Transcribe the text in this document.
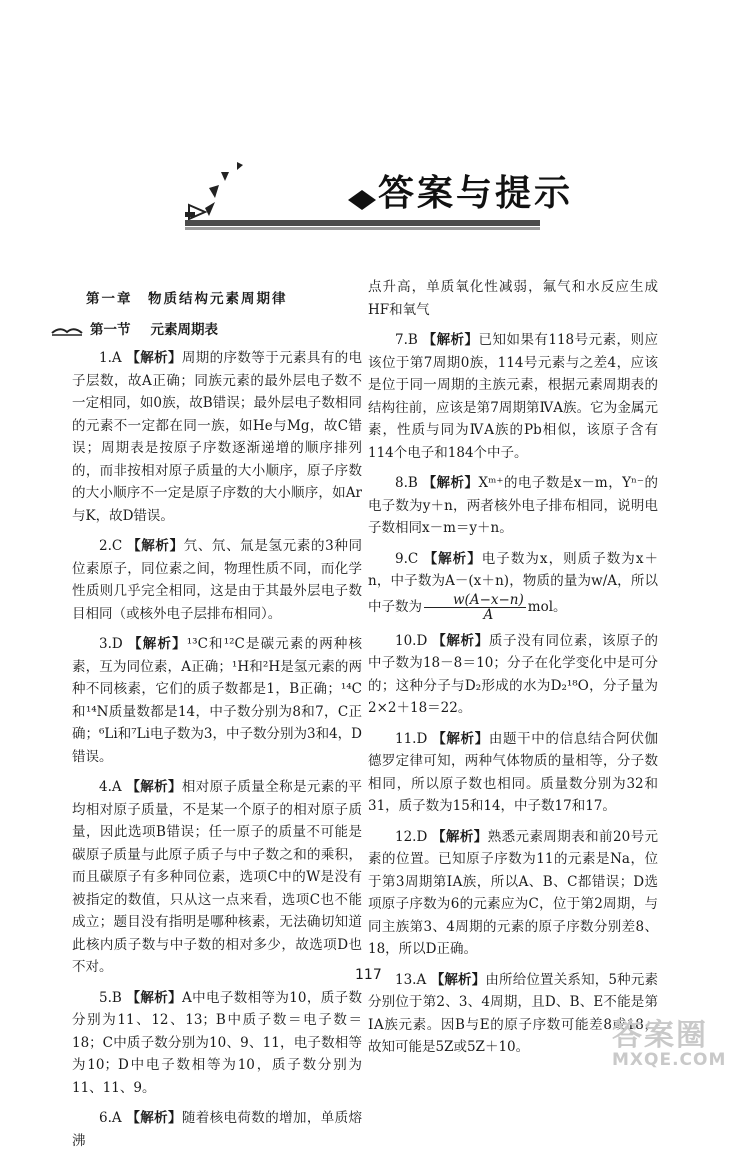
答案与提示
第一章　物质结构元素周期律
第一节 元素周期表

1.A 【解析】周期的序数等于元素具有的电子层数，故A正确；同族元素的最外层电子数不一定相同，如0族，故B错误；最外层电子数相同的元素不一定都在同一族，如He与Mg，故C错误；周期表是按原子序数逐渐递增的顺序排列的，而非按相对原子质量的大小顺序，原子序数的大小顺序不一定是原子序数的大小顺序，如Ar与K，故D错误。

2.C 【解析】氕、氘、氚是氢元素的3种同位素原子，同位素之间，物理性质不同，而化学性质则几乎完全相同，这是由于其最外层电子数目相同（或核外电子层排布相同）。

3.D 【解析】¹³C和¹²C是碳元素的两种核素，互为同位素，A正确；¹H和²H是氢元素的两种不同核素，它们的质子数都是1，B正确；¹⁴C和¹⁴N质量数都是14，中子数分别为8和7，C正确；⁶Li和⁷Li电子数为3，中子数分别为3和4，D错误。

4.A 【解析】相对原子质量全称是元素的平均相对原子质量，不是某一个原子的相对原子质量，因此选项B错误；任一原子的质量不可能是碳原子质量与此原子质子与中子数之和的乘积，而且碳原子有多种同位素，选项C中的W是没有被指定的数值，只从这一点来看，选项C也不能成立；题目没有指明是哪种核素，无法确切知道此核内质子数与中子数的相对多少，故选项D也不对。

5.B 【解析】A中电子数相等为10，质子数分别为11、12、13；B中质子数＝电子数＝18；C中质子数分别为10、9、11，电子数相等为10；D中电子数相等为10，质子数分别为11、11、9。

6.A 【解析】随着核电荷数的增加，单质熔沸

点升高，单质氧化性减弱，氟气和水反应生成HF和氧气

7.B 【解析】已知如果有118号元素，则应该位于第7周期0族，114号元素与之差4，应该是位于同一周期的主族元素，根据元素周期表的结构往前，应该是第7周期第ⅣA族。它为金属元素，性质与同为ⅣA族的Pb相似，该原子含有114个电子和184个中子。

8.B 【解析】Xᵐ⁺的电子数是x－m，Yⁿ⁻的电子数为y＋n，两者核外电子排布相同，说明电子数相同x－m＝y＋n。

9.C 【解析】电子数为x，则质子数为x＋n，中子数为A－(x＋n)，物质的量为w/A，所以中子数为 $\frac{w(A-x-n)}{A}$ mol。

10.D 【解析】质子没有同位素，该原子的中子数为18－8＝10；分子在化学变化中是可分的；这种分子与D₂形成的水为D₂¹⁸O，分子量为2×2＋18＝22。

11.D 【解析】由题干中的信息结合阿伏伽德罗定律可知，两种气体物质的量相等，分子数相同，所以原子数也相同。质量数分别为32和31，质子数为15和14，中子数17和17。

12.D 【解析】熟悉元素周期表和前20号元素的位置。已知原子序数为11的元素是Na，位于第3周期第ⅠA族，所以A、B、C都错误；D选项原子序数为6的元素应为C，位于第2周期，与同主族第3、4周期的元素的原子序数分别差8、18，所以D正确。

13.A 【解析】由所给位置关系知，5种元素分别位于第2、3、4周期，且D、B、E不能是第ⅠA族元素。因B与E的原子序数可能差8或18，故知可能是5Z或5Z＋10。

117
答案圈
MXQE.COM
